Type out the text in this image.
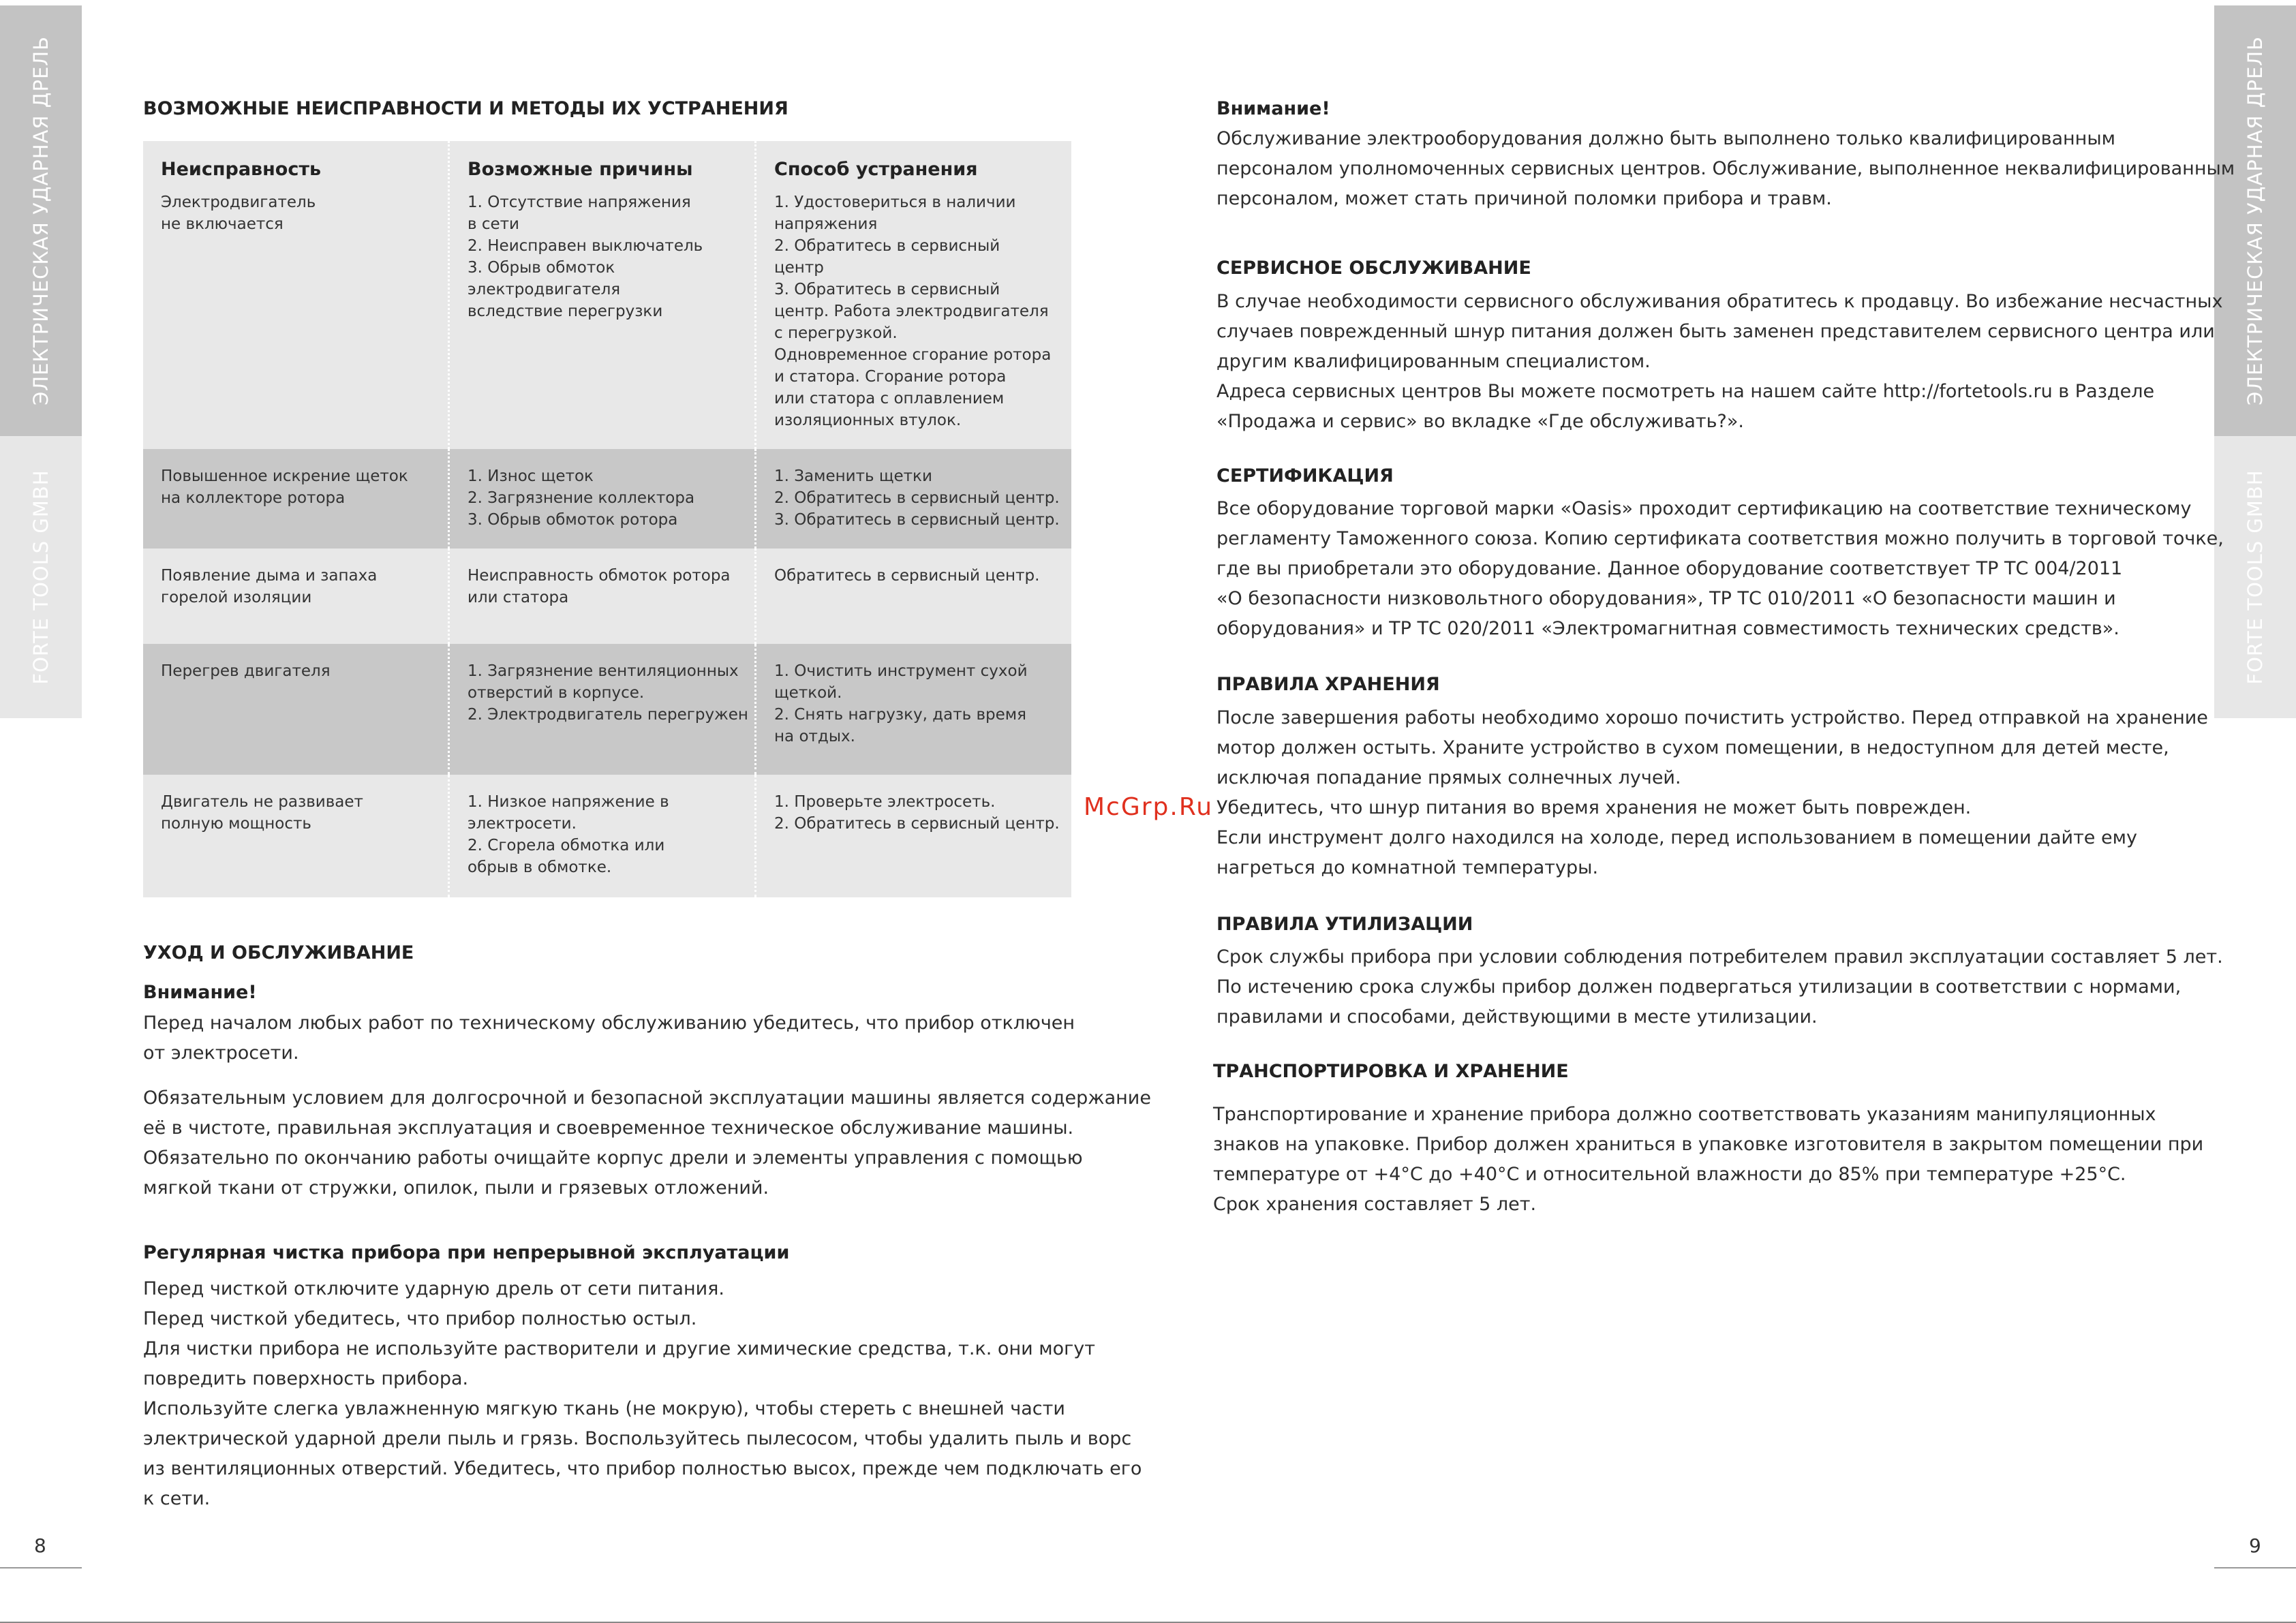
ЭЛЕКТРИЧЕСКАЯ УДАРНАЯ ДРЕЛЬ
FORTE TOOLS GMBH
ЭЛЕКТРИЧЕСКАЯ УДАРНАЯ ДРЕЛЬ
FORTE TOOLS GMBH
8	9
ВОЗМОЖНЫЕ НЕИСПРАВНОСТИ И МЕТОДЫ ИХ УСТРАНЕНИЯ
Неисправность
Электродвигатель
не включается
Возможные причины
1. Отсутствие напряжения
в сети
2. Неисправен выключатель
3. Обрыв обмоток
электродвигателя
вследствие перегрузки
Способ устранения
1. Удостовериться в наличии
напряжения
2. Обратитесь в сервисный
центр
3. Обратитесь в сервисный
центр. Работа электродвигателя
с перегрузкой.
Одновременное сгорание ротора
и статора. Сгорание ротора
или статора с оплавлением
изоляционных втулок.
Повышенное искрение щеток
на коллекторе ротора
1. Износ щеток
2. Загрязнение коллектора
3. Обрыв обмоток ротора
1. Заменить щетки
2. Обратитесь в сервисный центр.
3. Обратитесь в сервисный центр.
Появление дыма и запаха
горелой изоляции
Неисправность обмоток ротора
или статора
Обратитесь в сервисный центр.
Перегрев двигателя	1. Загрязнение вентиляционных
отверстий в корпусе.
2. Электродвигатель перегружен
1. Очистить инструмент сухой
щеткой.
2. Снять нагрузку, дать время
на отдых.
Двигатель не развивает
полную мощность
1. Низкое напряжение в
электросети.
2. Сгорела обмотка или
обрыв в обмотке.
1. Проверьте электросеть.
2. Обратитесь в сервисный центр.
УХОД И ОБСЛУЖИВАНИЕ
Внимание!
Перед началом любых работ по техническому обслуживанию убедитесь, что прибор отключен
от электросети.
Обязательным условием для долгосрочной и безопасной эксплуатации машины является содержание
её в чистоте, правильная эксплуатация и своевременное техническое обслуживание машины.
Обязательно по окончанию работы очищайте корпус дрели и элементы управления с помощью
мягкой ткани от стружки, опилок, пыли и грязевых отложений.
Регулярная чистка прибора при непрерывной эксплуатации
Перед чисткой отключите ударную дрель от сети питания.
Перед чисткой убедитесь, что прибор полностью остыл.
Для чистки прибора не используйте растворители и другие химические средства, т.к. они могут
повредить поверхность прибора.
Используйте слегка увлажненную мягкую ткань (не мокрую), чтобы стереть с внешней части
электрической ударной дрели пыль и грязь. Воспользуйтесь пылесосом, чтобы удалить пыль и ворс
из вентиляционных отверстий. Убедитесь, что прибор полностью высох, прежде чем подключать его
к сети.
McGrp.Ru
Внимание!
Обслуживание электрооборудования должно быть выполнено только квалифицированным
персоналом уполномоченных сервисных центров. Обслуживание, выполненное неквалифицированным
персоналом, может стать причиной поломки прибора и травм.
СЕРВИСНОЕ ОБСЛУЖИВАНИЕ
В случае необходимости сервисного обслуживания обратитесь к продавцу. Во избежание несчастных
случаев поврежденный шнур питания должен быть заменен представителем сервисного центра или
другим квалифицированным специалистом.
Адреса сервисных центров Вы можете посмотреть на нашем сайте http://fortetools.ru в Разделе
«Продажа и сервис» во вкладке «Где обслуживать?».
СЕРТИФИКАЦИЯ
Все оборудование торговой марки «Oasis» проходит сертификацию на соответствие техническому
регламенту Таможенного союза. Копию сертификата соответствия можно получить в торговой точке,
где вы приобретали это оборудование. Данное оборудование соответствует ТР ТС 004/2011
«О безопасности низковольтного оборудования», ТР ТС 010/2011 «О безопасности машин и
оборудования» и ТР ТС 020/2011 «Электромагнитная совместимость технических средств».
ПРАВИЛА ХРАНЕНИЯ
После завершения работы необходимо хорошо почистить устройство. Перед отправкой на хранение
мотор должен остыть. Храните устройство в сухом помещении, в недоступном для детей месте,
исключая попадание прямых солнечных лучей.
Убедитесь, что шнур питания во время хранения не может быть поврежден.
Если инструмент долго находился на холоде, перед использованием в помещении дайте ему
нагреться до комнатной температуры.
ПРАВИЛА УТИЛИЗАЦИИ
Срок службы прибора при условии соблюдения потребителем правил эксплуатации составляет 5 лет.
По истечению срока службы прибор должен подвергаться утилизации в соответствии с нормами,
правилами и способами, действующими в месте утилизации.
ТРАНСПОРТИРОВКА И ХРАНЕНИЕ
Транспортирование и хранение прибора должно соответствовать указаниям манипуляционных
знаков на упаковке. Прибор должен храниться в упаковке изготовителя в закрытом помещении при
температуре от +4°С до +40°С и относительной влажности до 85% при температуре +25°С.
Срок хранения составляет 5 лет.
